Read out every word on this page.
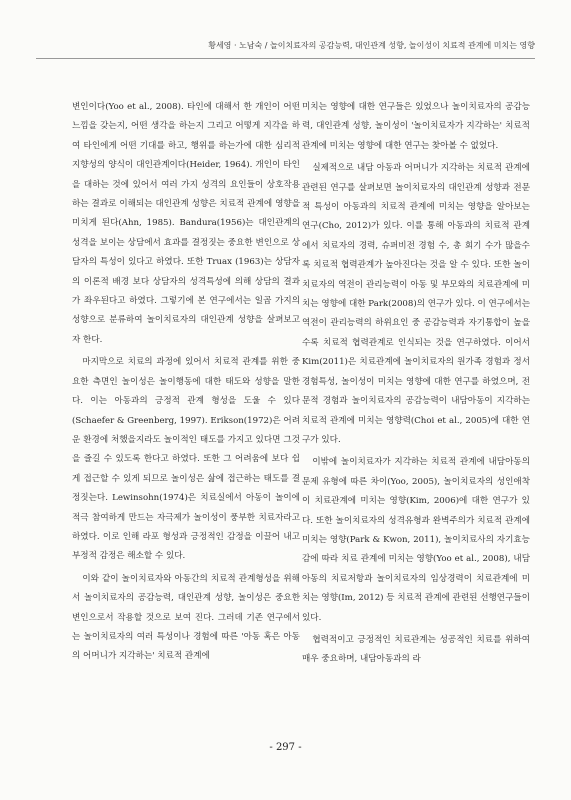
황세영 · 노남숙 / 놀이치료자의 공감능력, 대인관계 성향, 놀이성이 치료적 관계에 미치는 영향

변인이다(Yoo et al., 2008). 타인에 대해서 한 개인이 어떤 느낌을 갖는지, 어떤 생각을 하는지 그리고 어떻게 지각을 하여 타인에게 어떤 기대를 하고, 행위를 하는가에 대한 심리적 지향성의 양식이 대인관계이다(Heider, 1964). 개인이 타인을 대하는 것에 있어서 여러 가지 성격의 요인들이 상호작용하는 결과로 이해되는 대인관계 성향은 치료적 관계에 영향을 미치게 된다(Ahn, 1985). Bandura(1956)는 대인관계의 성격을 보이는 상담에서 효과를 결정짓는 중요한 변인으로 상담자의 특성이 있다고 하였다. 또한 Truax (1963)는 상담자의 이론적 배경 보다 상담자의 성격특성에 의해 상담의 결과가 좌우된다고 하였다. 그렇기에 본 연구에서는 일곱 가지의 성향으로 분류하여 놀이치료자의 대인관계 성향을 살펴보고자 한다.

마지막으로 치료의 과정에 있어서 치료적 관계를 위한 중요한 측면인 놀이성은 놀이행동에 대한 태도와 성향을 말한다. 이는 아동과의 긍정적 관계 형성을 도울 수 있다(Schaefer & Greenberg, 1997). Erikson(1972)은 어려운 환경에 처했을지라도 놀이적인 태도를 가지고 있다면 그것을 즐길 수 있도록 한다고 하였다. 또한 그 어려움에 보다 쉽게 접근할 수 있게 되므로 놀이성은 삶에 접근하는 태도를 결정짓는다. Lewinsohn(1974)은 치료실에서 아동이 놀이에 적극 참여하게 만드는 자극제가 놀이성이 풍부한 치료자라고 하였다. 이로 인해 라포 형성과 긍정적인 감정을 이끌어 내고 부정적 감정은 해소할 수 있다.

이와 같이 놀이치료자와 아동간의 치료적 관계형성을 위해서 놀이치료자의 공감능력, 대인관계 성향, 놀이성은 중요한 변인으로서 작용할 것으로 보여 진다. 그러데 기존 연구에서는 놀이치료자의 여러 특성이나 경험에 따른 '아동 혹은 아동의 어머니가 지각하는' 치료적 관계에

미치는 영향에 대한 연구들은 있었으나 놀이치료자의 공감능력, 대인관계 성향, 놀이성이 '놀이치료자가 지각하는' 치료적 관계에 미치는 영향에 대한 연구는 찾아볼 수 없었다.

실제적으로 내담 아동과 어머니가 지각하는 치료적 관계에 관련된 연구를 살펴보면 놀이치료자의 대인관계 성향과 전문적 특성이 아동과의 치료적 관계에 미치는 영향을 알아보는 연구(Cho, 2012)가 있다. 이를 통해 아동과의 치료적 관계에서 치료자의 경력, 슈퍼비전 경험 수, 총 회기 수가 많을수록 치료적 협력관계가 높아진다는 것을 알 수 있다. 또한 놀이치료자의 역전이 관리능력이 아동 및 부모와의 치료관계에 미치는 영향에 대한 Park(2008)의 연구가 있다. 이 연구에서는 역전이 관리능력의 하위요인 중 공감능력과 자기통합이 높을수록 치료적 협력관계로 인식되는 것을 연구하였다. 이어서 Kim(2011)은 치료관계에 놀이치료자의 원가족 경험과 정서경험특성, 놀이성이 미치는 영향에 대한 연구를 하였으며, 전문적 경험과 놀이치료자의 공감능력이 내담아동이 지각하는 치료적 관계에 미치는 영향력(Choi et al., 2005)에 대한 연구가 있다.

이밖에 놀이치료자가 지각하는 치료적 관계에 내담아동의 문제 유형에 따른 차이(Yoo, 2005), 놀이치료자의 성인애착이 치료관계에 미치는 영향(Kim, 2006)에 대한 연구가 있다. 또한 놀이치료자의 성격유형과 완벽주의가 치료적 관계에 미치는 영향(Park & Kwon, 2011), 놀이치료사의 자기효능감에 따라 치료 관계에 미치는 영향(Yoo et al., 2008), 내담아동의 치료저항과 놀이치료자의 임상경력이 치료관계에 미치는 영향(Im, 2012) 등 치료적 관계에 관련된 선행연구들이 있다.

협력적이고 긍정적인 치료관계는 성공적인 치료를 위하여 매우 중요하며, 내담아동과의 라

- 297 -
